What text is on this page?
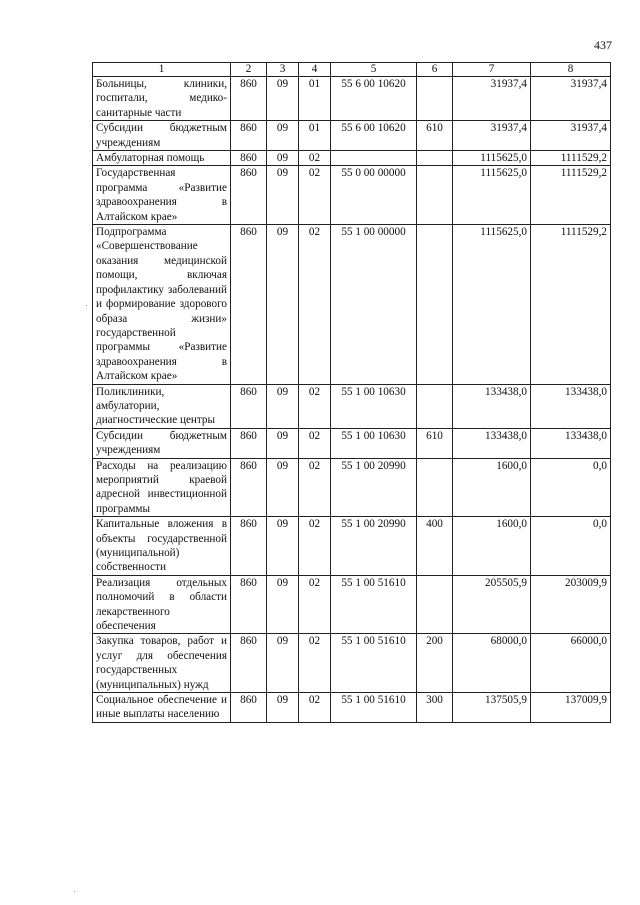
437
1	2	3	4	5	6	7	8
Больницы, клиники, госпитали, медико-санитарные части	860	09	01	55 6 00 10620		31937,4	31937,4
Субсидии бюджетным учреждениям	860	09	01	55 6 00 10620	610	31937,4	31937,4
Амбулаторная помощь	860	09	02			1115625,0	1111529,2
Государственная программа «Развитие здравоохранения в Алтайском крае»	860	09	02	55 0 00 00000		1115625,0	1111529,2
Подпрограмма «Совершенствование оказания медицинской помощи, включая профилактику заболеваний и формирование здорового образа жизни» государственной программы «Развитие здравоохранения в Алтайском крае»	860	09	02	55 1 00 00000		1115625,0	1111529,2
Поликлиники, амбулатории, диагностические центры	860	09	02	55 1 00 10630		133438,0	133438,0
Субсидии бюджетным учреждениям	860	09	02	55 1 00 10630	610	133438,0	133438,0
Расходы на реализацию мероприятий краевой адресной инвестиционной программы	860	09	02	55 1 00 20990		1600,0	0,0
Капитальные вложения в объекты государственной (муниципальной) собственности	860	09	02	55 1 00 20990	400	1600,0	0,0
Реализация отдельных полномочий в области лекарственного обеспечения	860	09	02	55 1 00 51610		205505,9	203009,9
Закупка товаров, работ и услуг для обеспечения государственных (муниципальных) нужд	860	09	02	55 1 00 51610	200	68000,0	66000,0
Социальное обеспечение и иные выплаты населению	860	09	02	55 1 00 51610	300	137505,9	137009,9
